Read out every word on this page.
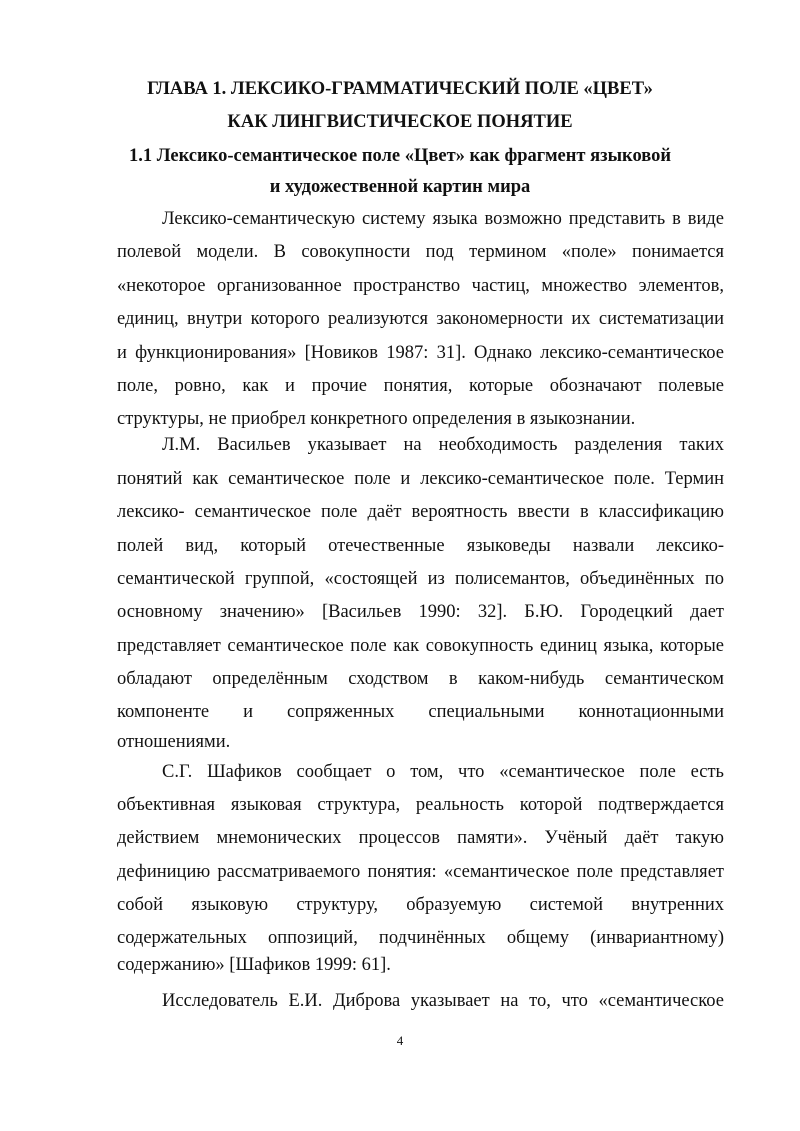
ГЛАВА 1. ЛЕКСИКО-ГРАММАТИЧЕСКИЙ ПОЛЕ «ЦВЕТ»
КАК ЛИНГВИСТИЧЕСКОЕ ПОНЯТИЕ
1.1 Лексико-семантическое поле «Цвет» как фрагмент языковой
и художественной картин мира
Лексико-семантическую систему языка возможно представить в виде
полевой модели. В совокупности под термином «поле» понимается
«некоторое организованное пространство частиц, множество элементов,
единиц, внутри которого реализуются закономерности их систематизации
и функционирования» [Новиков 1987: 31]. Однако лексико-семантическое
поле, ровно, как и прочие понятия, которые обозначают полевые
структуры, не приобрел конкретного определения в языкознании.
Л.М. Васильев указывает на необходимость разделения таких
понятий как семантическое поле и лексико-семантическое поле. Термин
лексико- семантическое поле даёт вероятность ввести в классификацию
полей вид, который отечественные языковеды назвали лексико-
семантической группой, «состоящей из полисемантов, объединённых по
основному значению» [Васильев 1990: 32]. Б.Ю. Городецкий дает
представляет семантическое поле как совокупность единиц языка, которые
обладают определённым сходством в каком-нибудь семантическом
компоненте и сопряженных специальными коннотационными
отношениями.
С.Г. Шафиков сообщает о том, что «семантическое поле есть
объективная языковая структура, реальность которой подтверждается
действием мнемонических процессов памяти». Учёный даёт такую
дефиницию рассматриваемого понятия: «семантическое поле представляет
собой языковую структуру, образуемую системой внутренних
содержательных оппозиций, подчинённых общему (инвариантному)
содержанию» [Шафиков 1999: 61].
Исследователь Е.И. Диброва указывает на то, что «семантическое
4
